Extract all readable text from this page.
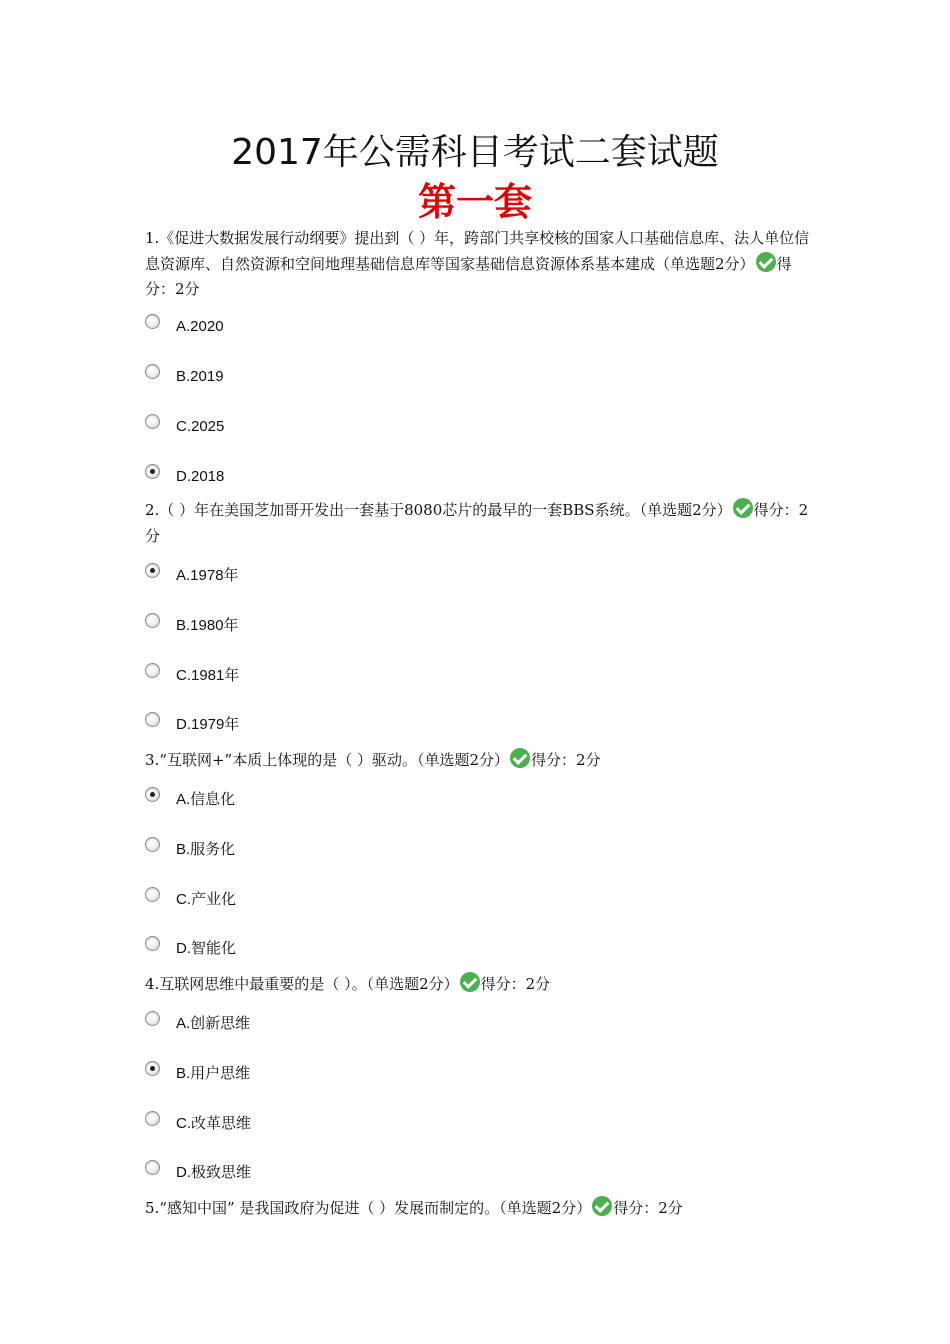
2017年公需科目考试二套试题
第一套
1.《促进大数据发展行动纲要》提出到（ ）年，跨部门共享校核的国家人口基础信息库、法人单位信息资源库、自然资源和空间地理基础信息库等国家基础信息资源体系基本建成（单选题2分） 得分：2分
A.2020
B.2019
C.2025
D.2018
2.（ ）年在美国芝加哥开发出一套基于8080芯片的最早的一套BBS系统。（单选题2分） 得分：2分
A.1978年
B.1980年
C.1981年
D.1979年
3.“互联网+”本质上体现的是（ ）驱动。（单选题2分） 得分：2分
A.信息化
B.服务化
C.产业化
D.智能化
4.互联网思维中最重要的是（ ）。（单选题2分） 得分：2分
A.创新思维
B.用户思维
C.改革思维
D.极致思维
5.“感知中国” 是我国政府为促进（ ）发展而制定的。（单选题2分） 得分：2分
